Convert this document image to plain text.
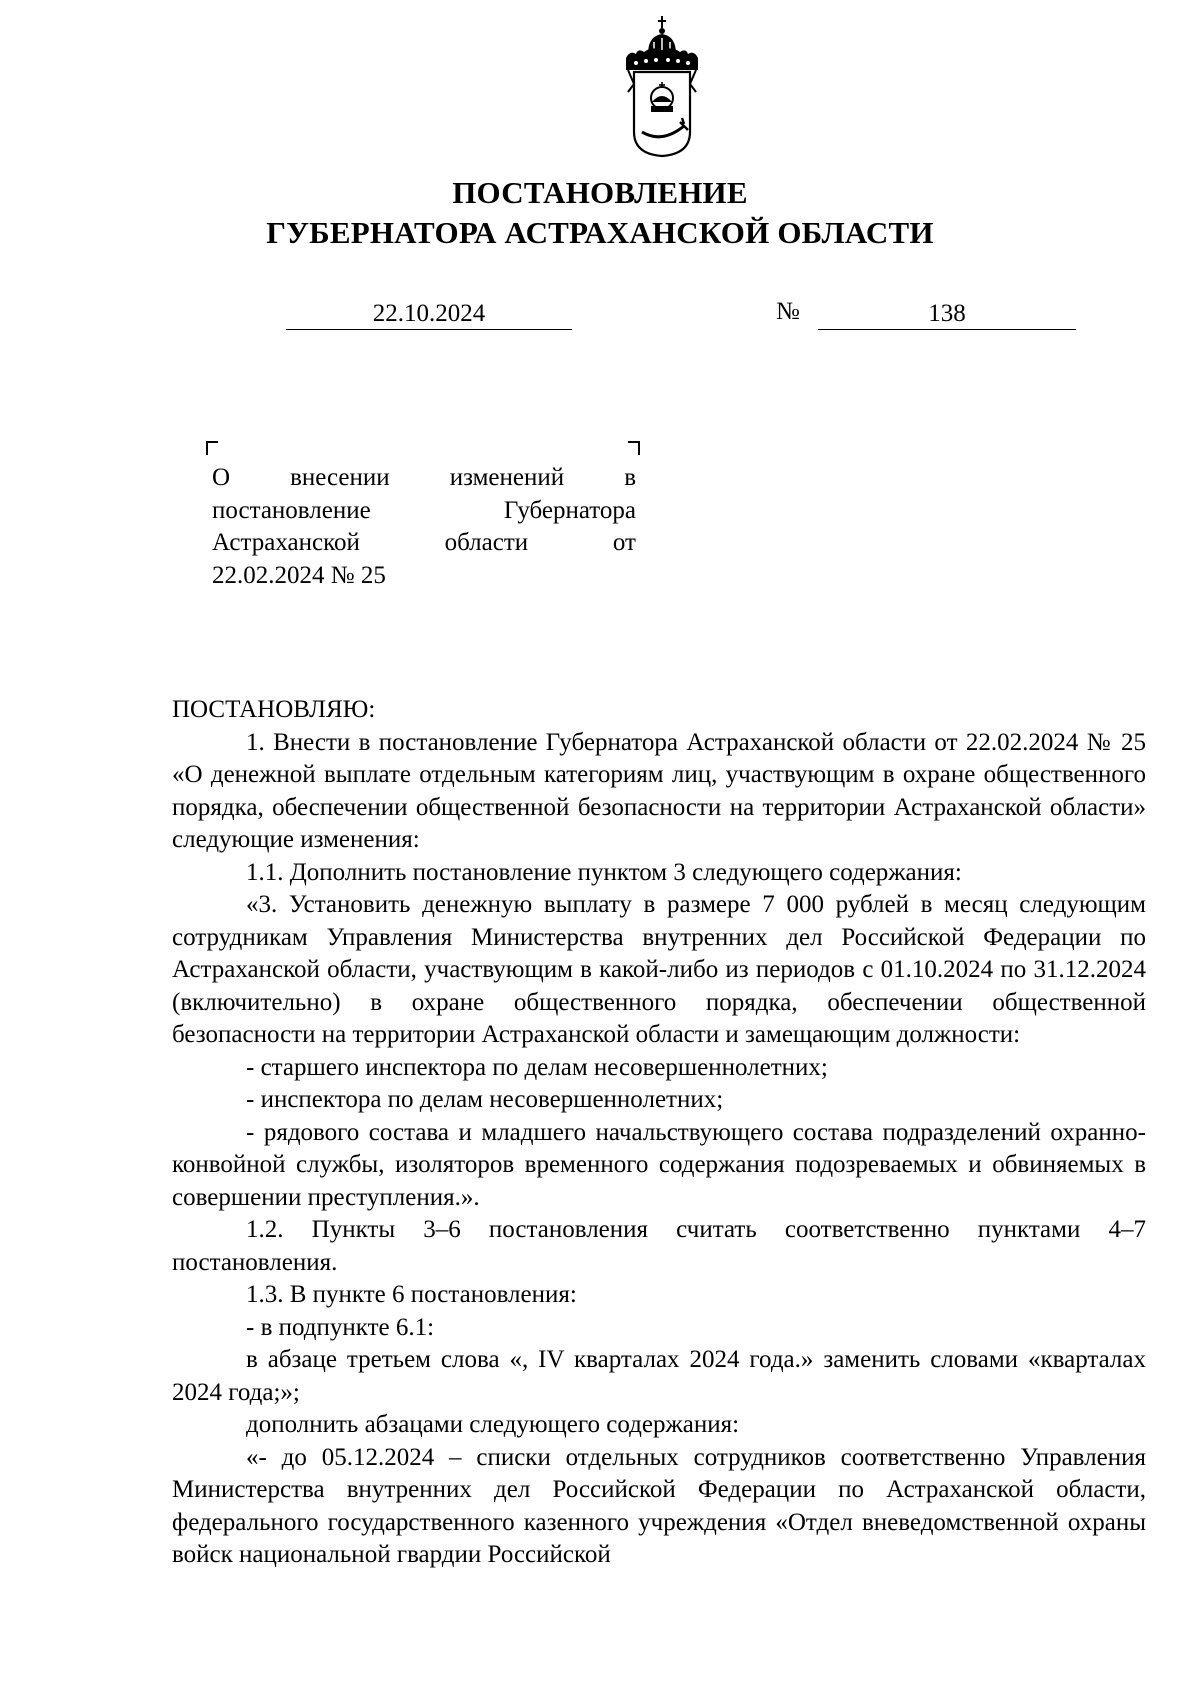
ПОСТАНОВЛЕНИЕ
ГУБЕРНАТОРА АСТРАХАНСКОЙ ОБЛАСТИ
22.10.2024	№	138
О внесении изменений в
постановление	Губернатора
Астраханской	области	от
22.02.2024 № 25

ПОСТАНОВЛЯЮ:

1. Внести в постановление Губернатора Астраханской области от 22.02.2024 № 25 «О денежной выплате отдельным категориям лиц, участвующим в охране общественного порядка, обеспечении общественной безопасности на территории Астраханской области» следующие изменения:

1.1. Дополнить постановление пунктом 3 следующего содержания:

«3. Установить денежную выплату в размере 7 000 рублей в месяц следующим сотрудникам Управления Министерства внутренних дел Российской Федерации по Астраханской области, участвующим в какой-либо из периодов с 01.10.2024 по 31.12.2024 (включительно) в охране общественного порядка, обеспечении общественной безопасности на территории Астраханской области и замещающим должности:

- старшего инспектора по делам несовершеннолетних;

- инспектора по делам несовершеннолетних;

- рядового состава и младшего начальствующего состава подразделений охранно-конвойной службы, изоляторов временного содержания подозреваемых и обвиняемых в совершении преступления.».

1.2. Пункты 3–6 постановления считать соответственно пунктами 4–7 постановления.

1.3. В пункте 6 постановления:

- в подпункте 6.1:

в абзаце третьем слова «, IV кварталах 2024 года.» заменить словами «кварталах 2024 года;»;

дополнить абзацами следующего содержания:

«- до 05.12.2024 – списки отдельных сотрудников соответственно Управления Министерства внутренних дел Российской Федерации по Астраханской области, федерального государственного казенного учреждения «Отдел вневедомственной охраны войск национальной гвардии Российской
